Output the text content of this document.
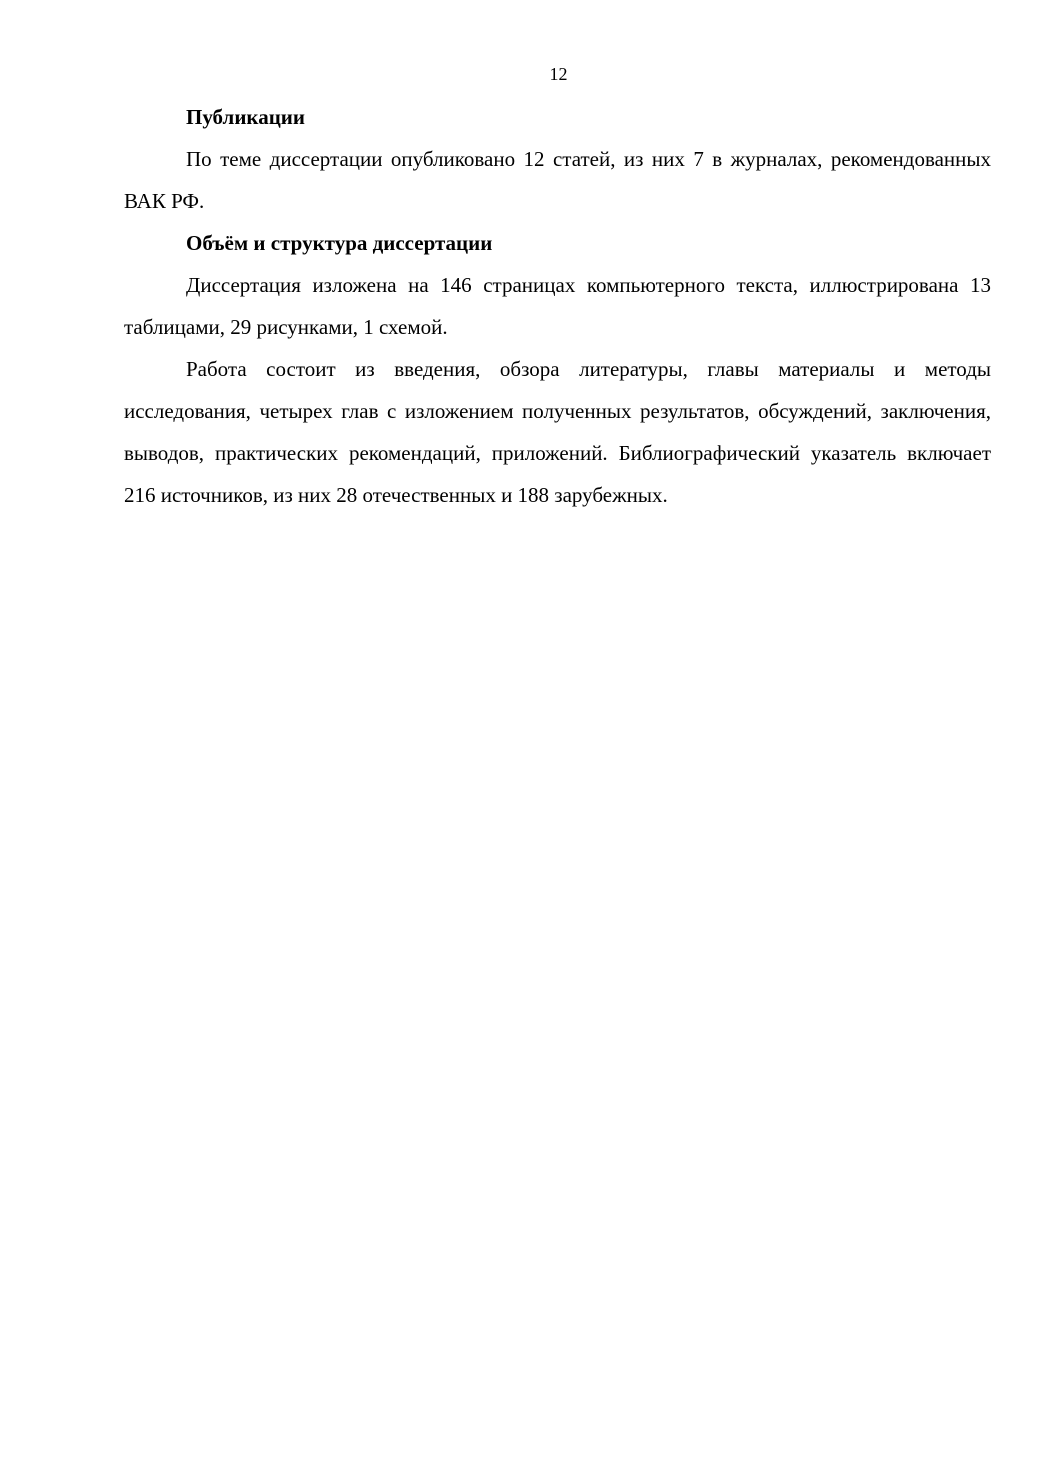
12

Публикации

По теме диссертации опубликовано 12 статей, из них 7 в журналах, рекомендованных ВАК РФ.

Объём и структура диссертации

Диссертация изложена на 146 страницах компьютерного текста, иллюстрирована 13 таблицами, 29 рисунками, 1 схемой.

Работа состоит из введения, обзора литературы, главы материалы и методы исследования, четырех глав с изложением полученных результатов, обсуждений, заключения, выводов, практических рекомендаций, приложений. Библиографический указатель включает 216 источников, из них 28 отечественных и 188 зарубежных.
